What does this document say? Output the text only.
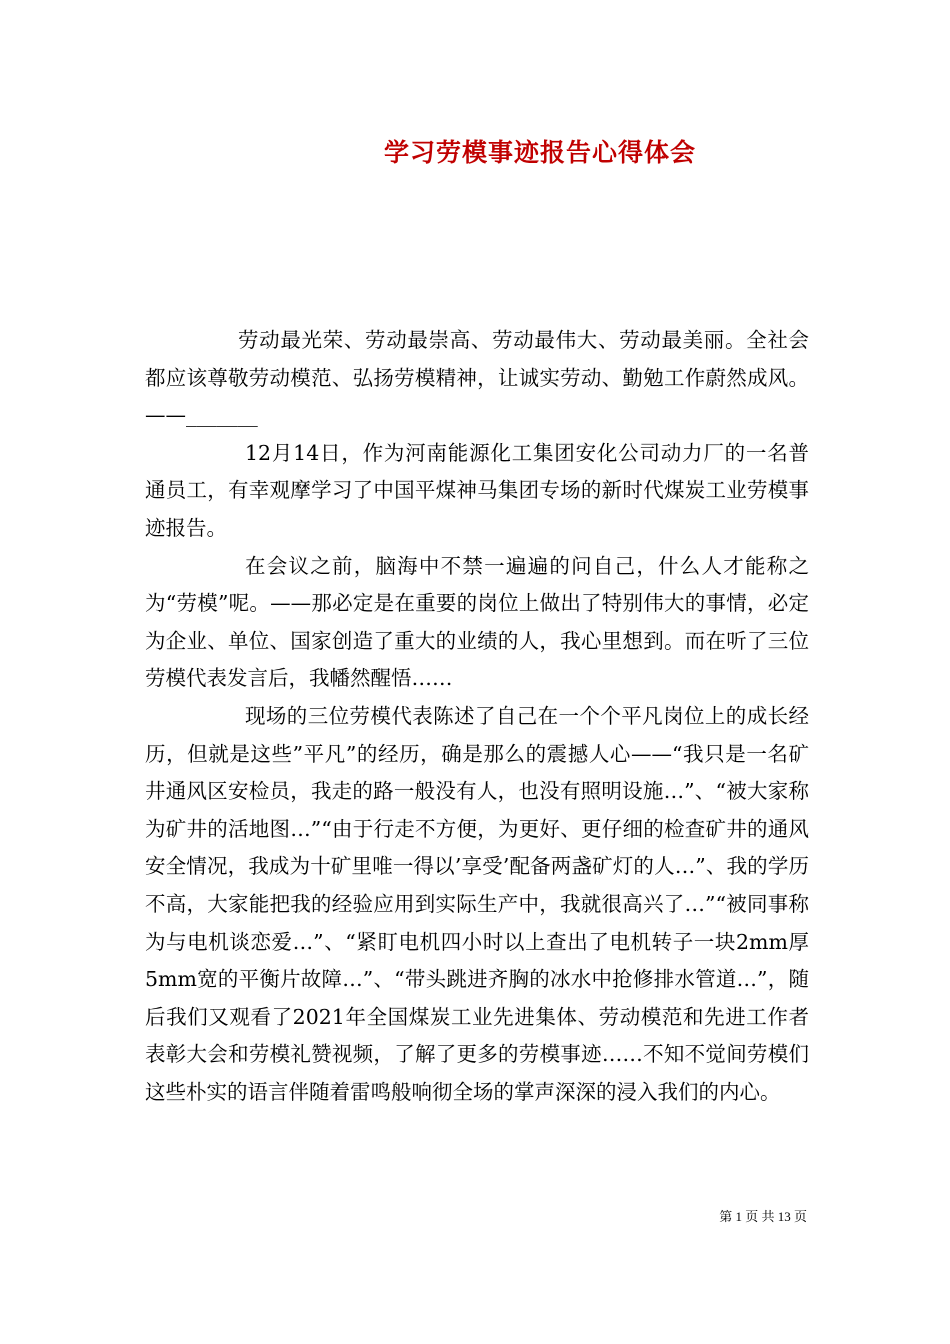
学习劳模事迹报告心得体会

劳动最光荣、劳动最崇高、劳动最伟大、劳动最美丽。全社会都应该尊敬劳动模范、弘扬劳模精神，让诚实劳动、勤勉工作蔚然成风。——_______

12月14日，作为河南能源化工集团安化公司动力厂的一名普通员工，有幸观摩学习了中国平煤神马集团专场的新时代煤炭工业劳模事迹报告。

在会议之前，脑海中不禁一遍遍的问自己，什么人才能称之为“劳模”呢。——那必定是在重要的岗位上做出了特别伟大的事情，必定为企业、单位、国家创造了重大的业绩的人，我心里想到。而在听了三位劳模代表发言后，我幡然醒悟……

现场的三位劳模代表陈述了自己在一个个平凡岗位上的成长经历，但就是这些”平凡”的经历，确是那么的震撼人心——“我只是一名矿井通风区安检员，我走的路一般没有人，也没有照明设施…”、“被大家称为矿井的活地图…”“由于行走不方便，为更好、更仔细的检查矿井的通风安全情况，我成为十矿里唯一得以’享受’配备两盏矿灯的人…”、我的学历不高，大家能把我的经验应用到实际生产中，我就很高兴了…”“被同事称为与电机谈恋爱…”、“紧盯电机四小时以上查出了电机转子一块2mm厚5mm宽的平衡片故障…”、“带头跳进齐胸的冰水中抢修排水管道…”，随后我们又观看了2021年全国煤炭工业先进集体、劳动模范和先进工作者表彰大会和劳模礼赞视频，了解了更多的劳模事迹……不知不觉间劳模们这些朴实的语言伴随着雷鸣般响彻全场的掌声深深的浸入我们的内心。

第 1 页 共 13 页
